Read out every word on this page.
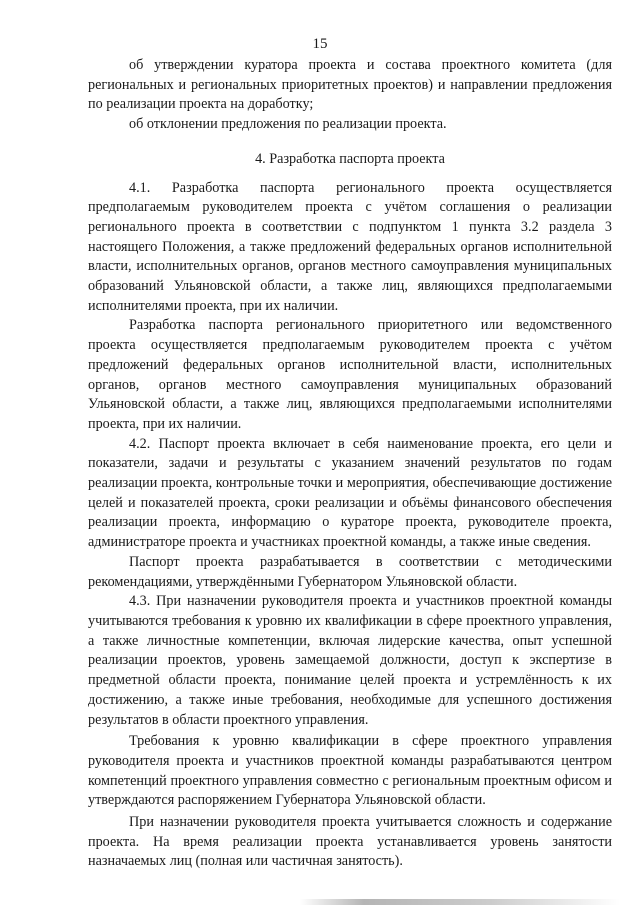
15

об утверждении куратора проекта и состава проектного комитета (для региональных и региональных приоритетных проектов) и направлении предложения по реализации проекта на доработку;

об отклонении предложения по реализации проекта.

4. Разработка паспорта проекта

4.1. Разработка паспорта регионального проекта осуществляется предполагаемым руководителем проекта с учётом соглашения о реализации регионального проекта в соответствии с подпунктом 1 пункта 3.2 раздела 3 настоящего Положения, а также предложений федеральных органов исполнительной власти, исполнительных органов, органов местного самоуправления муниципальных образований Ульяновской области, а также лиц, являющихся предполагаемыми исполнителями проекта, при их наличии.

Разработка паспорта регионального приоритетного или ведомственного проекта осуществляется предполагаемым руководителем проекта с учётом предложений федеральных органов исполнительной власти, исполнительных органов, органов местного самоуправления муниципальных образований Ульяновской области, а также лиц, являющихся предполагаемыми исполнителями проекта, при их наличии.

4.2. Паспорт проекта включает в себя наименование проекта, его цели и показатели, задачи и результаты с указанием значений результатов по годам реализации проекта, контрольные точки и мероприятия, обеспечивающие достижение целей и показателей проекта, сроки реализации и объёмы финансового обеспечения реализации проекта, информацию о кураторе проекта, руководителе проекта, администраторе проекта и участниках проектной команды, а также иные сведения.

Паспорт проекта разрабатывается в соответствии с методическими рекомендациями, утверждёнными Губернатором Ульяновской области.

4.3. При назначении руководителя проекта и участников проектной команды учитываются требования к уровню их квалификации в сфере проектного управления, а также личностные компетенции, включая лидерские качества, опыт успешной реализации проектов, уровень замещаемой должности, доступ к экспертизе в предметной области проекта, понимание целей проекта и устремлённость к их достижению, а также иные требования, необходимые для успешного достижения результатов в области проектного управления.

Требования к уровню квалификации в сфере проектного управления руководителя проекта и участников проектной команды разрабатываются центром компетенций проектного управления совместно с региональным проектным офисом и утверждаются распоряжением Губернатора Ульяновской области.

При назначении руководителя проекта учитывается сложность и содержание проекта. На время реализации проекта устанавливается уровень занятости назначаемых лиц (полная или частичная занятость).
